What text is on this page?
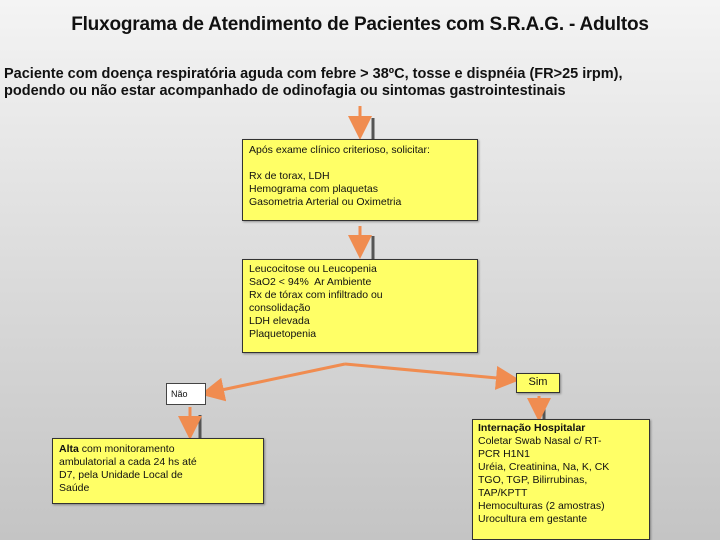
Fluxograma de Atendimento de Pacientes com S.R.A.G. - Adultos
Paciente com doença respiratória aguda com febre > 38ºC, tosse e dispnéia (FR>25 irpm),
podendo ou não estar acompanhado de odinofagia ou sintomas gastrointestinais
Após exame clínico criterioso, solicitar:
Rx de torax, LDH
Hemograma com plaquetas
Gasometria Arterial ou Oximetria
Leucocitose ou Leucopenia
SaO2 < 94%  Ar Ambiente
Rx de tórax com infiltrado ou
consolidação
LDH elevada
Plaquetopenia
Sim
Não
Alta com monitoramento
ambulatorial a cada 24 hs até
D7, pela Unidade Local de
Saúde
Internação Hospitalar
Coletar Swab Nasal c/ RT-
PCR H1N1
Uréia, Creatinina, Na, K, CK
TGO, TGP, Bilirrubinas,
TAP/KPTT
Hemoculturas (2 amostras)
Urocultura em gestante
